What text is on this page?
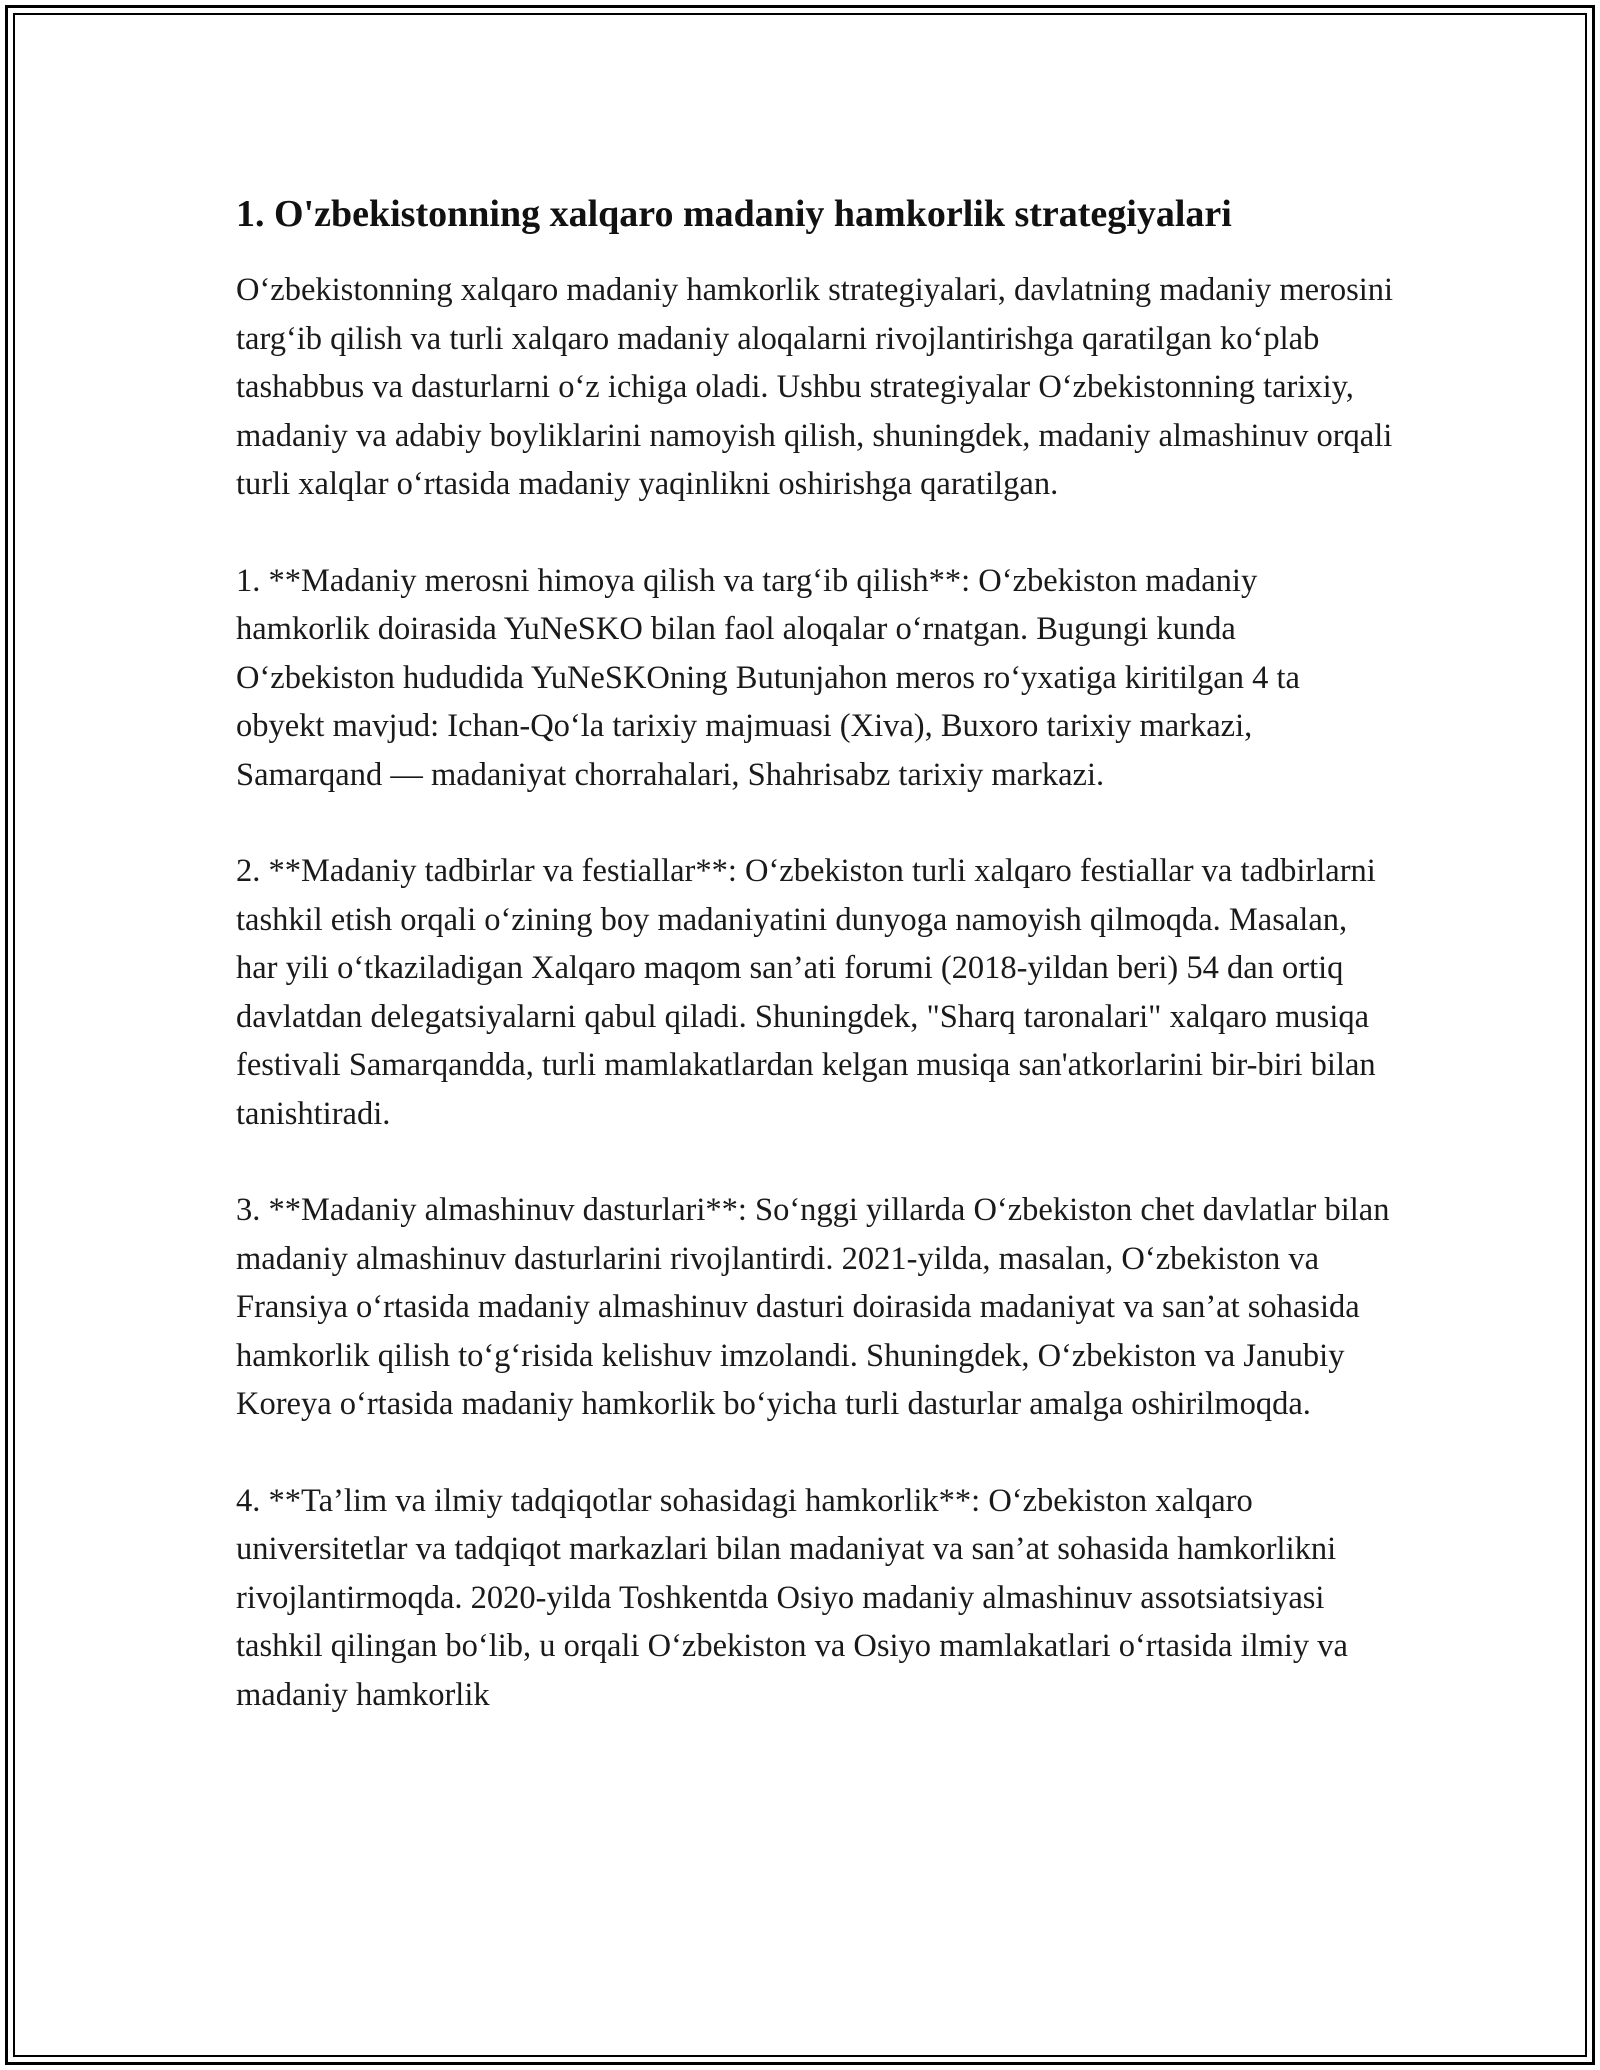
1. O'zbekistonning xalqaro madaniy hamkorlik strategiyalari

O‘zbekistonning xalqaro madaniy hamkorlik strategiyalari, davlatning madaniy merosini targ‘ib qilish va turli xalqaro madaniy aloqalarni rivojlantirishga qaratilgan ko‘plab tashabbus va dasturlarni o‘z ichiga oladi. Ushbu strategiyalar O‘zbekistonning tarixiy, madaniy va adabiy boyliklarini namoyish qilish, shuningdek, madaniy almashinuv orqali turli xalqlar o‘rtasida madaniy yaqinlikni oshirishga qaratilgan.

1. **Madaniy merosni himoya qilish va targ‘ib qilish**: O‘zbekiston madaniy hamkorlik doirasida YuNeSKO bilan faol aloqalar o‘rnatgan. Bugungi kunda O‘zbekiston hududida YuNeSKOning Butunjahon meros ro‘yxatiga kiritilgan 4 ta obyekt mavjud: Ichan-Qo‘la tarixiy majmuasi (Xiva), Buxoro tarixiy markazi, Samarqand — madaniyat chorrahalari, Shahrisabz tarixiy markazi.

2. **Madaniy tadbirlar va festiallar**: O‘zbekiston turli xalqaro festiallar va tadbirlarni tashkil etish orqali o‘zining boy madaniyatini dunyoga namoyish qilmoqda. Masalan, har yili o‘tkaziladigan Xalqaro maqom san’ati forumi (2018-yildan beri) 54 dan ortiq davlatdan delegatsiyalarni qabul qiladi. Shuningdek, "Sharq taronalari" xalqaro musiqa festivali Samarqandda, turli mamlakatlardan kelgan musiqa san'atkorlarini bir-biri bilan tanishtiradi.

3. **Madaniy almashinuv dasturlari**: So‘nggi yillarda O‘zbekiston chet davlatlar bilan madaniy almashinuv dasturlarini rivojlantirdi. 2021-yilda, masalan, O‘zbekiston va Fransiya o‘rtasida madaniy almashinuv dasturi doirasida madaniyat va san’at sohasida hamkorlik qilish to‘g‘risida kelishuv imzolandi. Shuningdek, O‘zbekiston va Janubiy Koreya o‘rtasida madaniy hamkorlik bo‘yicha turli dasturlar amalga oshirilmoqda.

4. **Ta’lim va ilmiy tadqiqotlar sohasidagi hamkorlik**: O‘zbekiston xalqaro universitetlar va tadqiqot markazlari bilan madaniyat va san’at sohasida hamkorlikni rivojlantirmoqda. 2020-yilda Toshkentda Osiyo madaniy almashinuv assotsiatsiyasi tashkil qilingan bo‘lib, u orqali O‘zbekiston va Osiyo mamlakatlari o‘rtasida ilmiy va madaniy hamkorlik
